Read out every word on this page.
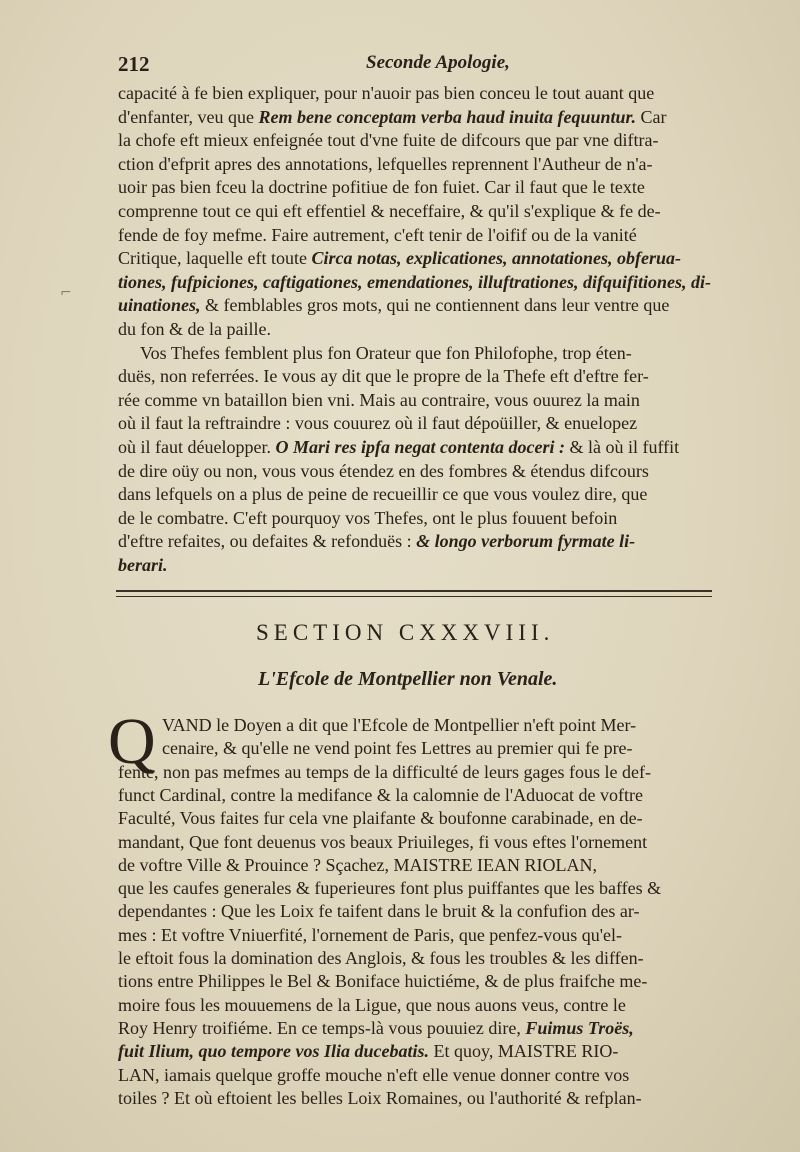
212	Seconde Apologie,
capacité à fe bien expliquer, pour n'auoir pas bien conceu le tout auant que
d'enfanter, veu que Rem bene conceptam verba haud inuita fequuntur. Car
la chofe eft mieux enfeignée tout d'vne fuite de difcours que par vne diftra-
ction d'efprit apres des annotations, lefquelles reprennent l'Autheur de n'a-
uoir pas bien fceu la doctrine pofitiue de fon fuiet. Car il faut que le texte
comprenne tout ce qui eft effentiel & neceffaire, & qu'il s'explique & fe de-
fende de foy mefme. Faire autrement, c'eft tenir de l'oifif ou de la vanité
Critique, laquelle eft toute Circa notas, explicationes, annotationes, obferua-
tiones, fufpiciones, caftigationes, emendationes, illuftrationes, difquifitiones, di-
uinationes, & femblables gros mots, qui ne contiennent dans leur ventre que
du fon & de la paille.
Vos Thefes femblent plus fon Orateur que fon Philofophe, trop éten-
duës, non referrées. Ie vous ay dit que le propre de la Thefe eft d'eftre fer-
rée comme vn bataillon bien vni. Mais au contraire, vous ouurez la main
où il faut la reftraindre : vous couurez où il faut dépoüiller, & enuelopez
où il faut déuelopper. O Mari res ipfa negat contenta doceri : & là où il fuffit
de dire oüy ou non, vous vous étendez en des fombres & étendus difcours
dans lefquels on a plus de peine de recueillir ce que vous voulez dire, que
de le combatre. C'eft pourquoy vos Thefes, ont le plus fouuent befoin
d'eftre refaites, ou defaites & refonduës : & longo verborum fyrmate li-
berari.
⌐
SECTION CXXXVIII.
L'Efcole de Montpellier non Venale.
Q VAND le Doyen a dit que l'Efcole de Montpellier n'eft point Mer-
cenaire, & qu'elle ne vend point fes Lettres au premier qui fe pre-
fente, non pas mefmes au temps de la difficulté de leurs gages fous le def-
funct Cardinal, contre la medifance & la calomnie de l'Aduocat de voftre
Faculté, Vous faites fur cela vne plaifante & boufonne carabinade, en de-
mandant, Que font deuenus vos beaux Priuileges, fi vous eftes l'ornement
de voftre Ville & Prouince ? Sçachez, MAISTRE IEAN RIOLAN,
que les caufes generales & fuperieures font plus puiffantes que les baffes &
dependantes : Que les Loix fe taifent dans le bruit & la confufion des ar-
mes : Et voftre Vniuerfité, l'ornement de Paris, que penfez-vous qu'el-
le eftoit fous la domination des Anglois, & fous les troubles & les diffen-
tions entre Philippes le Bel & Boniface huictiéme, & de plus fraifche me-
moire fous les mouuemens de la Ligue, que nous auons veus, contre le
Roy Henry troifiéme. En ce temps-là vous pouuiez dire, Fuimus Troës,
fuit Ilium, quo tempore vos Ilia ducebatis. Et quoy, MAISTRE RIO-
LAN, iamais quelque groffe mouche n'eft elle venue donner contre vos
toiles ? Et où eftoient les belles Loix Romaines, ou l'authorité & refplan-
